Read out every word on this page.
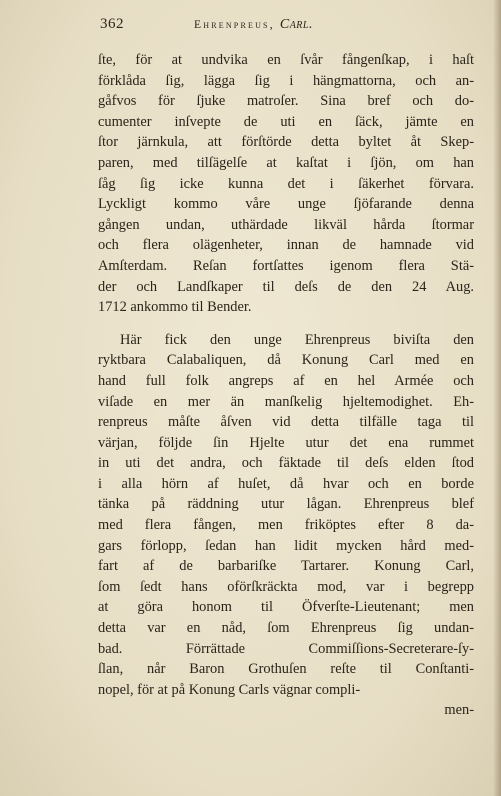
362	Ehrenpreus, Carl.
ſte, för at undvika en ſvår fångenſkap, i haſt
förklåda ſig, lägga ſig i hängmattorna, och an-
gåfvos för ſjuke matroſer. Sina bref och do-
cumenter inſvepte de uti en ſäck, jämte en
ſtor järnkula, att förſtörde detta byltet åt Skep-
paren, med tilſägelſe at kaſtat i ſjön, om han
ſåg ſig icke kunna det i ſäkerhet förvara.
Lyckligt kommo våre unge ſjöfarande denna
gången undan, uthärdade likväl hårda ſtormar
och flera olägenheter, innan de hamnade vid
Amſterdam. Reſan fortſattes igenom flera Stä-
der och Landſkaper til deſs de den 24 Aug.
1712 ankommo til Bender.
Här fick den unge Ehrenpreus biviſta den
ryktbara Calabaliquen, då Konung Carl med en
hand full folk angreps af en hel Armée och
viſade en mer än manſkelig hjeltemodighet. Eh-
renpreus måſte åſven vid detta tilfälle taga til
värjan, följde ſin Hjelte utur det ena rummet
in uti det andra, och fäktade til deſs elden ſtod
i alla hörn af huſet, då hvar och en borde
tänka på räddning utur lågan. Ehrenpreus blef
med flera fången, men friköptes efter 8 da-
gars förlopp, ſedan han lidit mycken hård med-
fart af de barbariſke Tartarer. Konung Carl,
ſom ſedt hans oförſkräckta mod, var i begrepp
at göra honom til Öfverſte-Lieutenant; men
detta var en nåd, ſom Ehrenpreus ſig undan-
bad. Förrättade Commiſſions-Secreterare-ſy-
ſlan, når Baron Grothuſen reſte til Conſtanti-
nopel, för at på Konung Carls vägnar compli-
men-
